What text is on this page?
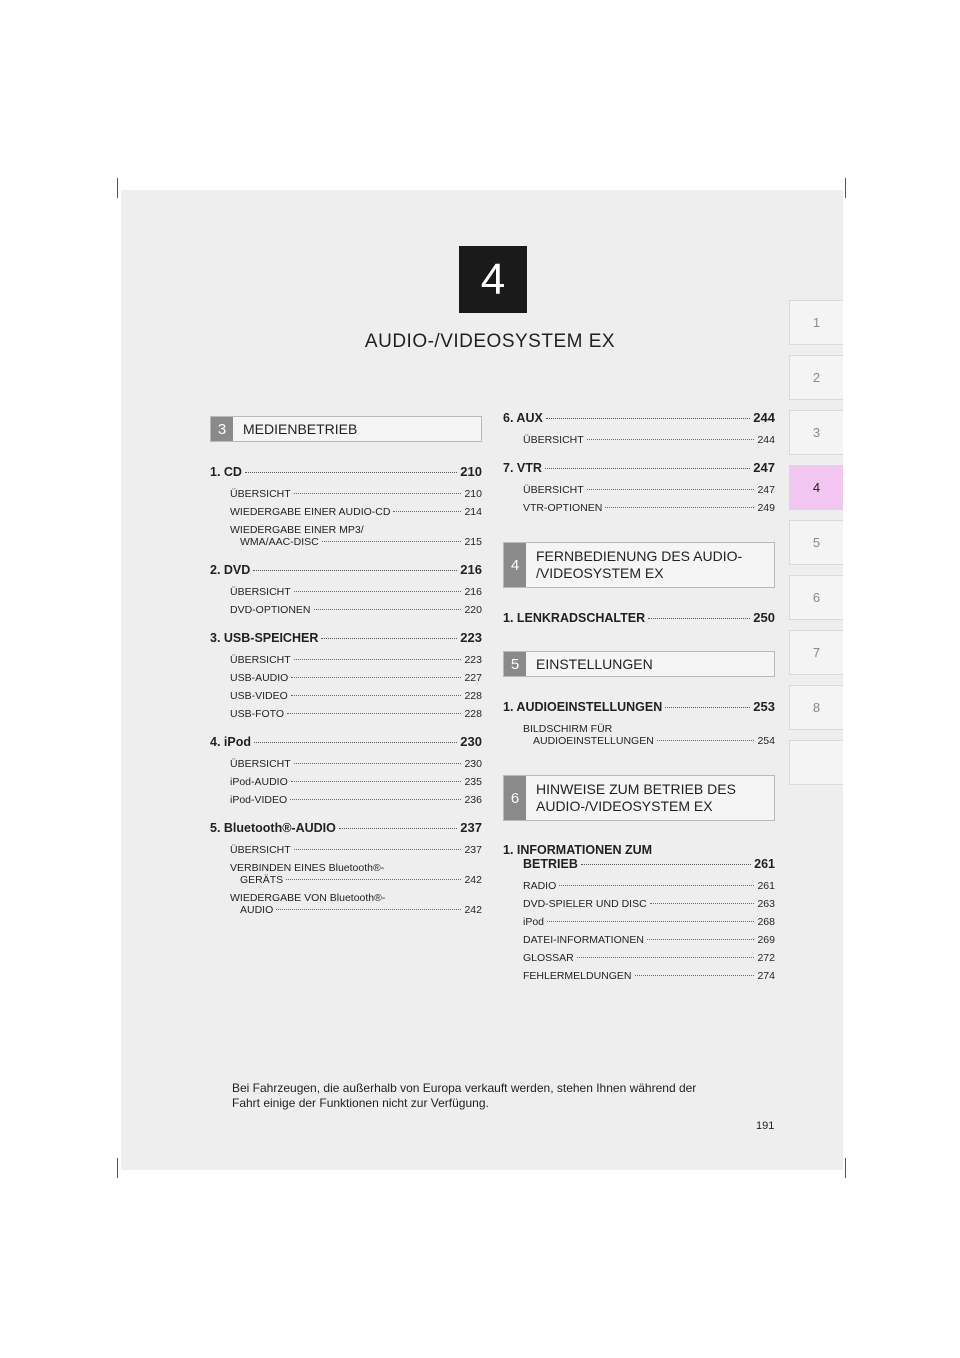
4
AUDIO-/VIDEOSYSTEM EX
1
2
3
4
5
6
7
8
3	MEDIENBETRIEB
1. CD	210
ÜBERSICHT	210
WIEDERGABE EINER AUDIO-CD	214
WIEDERGABE EINER MP3/
WMA/AAC-DISC	215
2. DVD	216
ÜBERSICHT	216
DVD-OPTIONEN	220
3. USB-SPEICHER	223
ÜBERSICHT	223
USB-AUDIO	227
USB-VIDEO	228
USB-FOTO	228
4. iPod	230
ÜBERSICHT	230
iPod-AUDIO	235
iPod-VIDEO	236
5. Bluetooth®-AUDIO	237
ÜBERSICHT	237
VERBINDEN EINES Bluetooth®-
GERÄTS	242
WIEDERGABE VON Bluetooth®-
AUDIO	242
6. AUX	244
ÜBERSICHT	244
7. VTR	247
ÜBERSICHT	247
VTR-OPTIONEN	249
4
FERNBEDIENUNG DES AUDIO-
/VIDEOSYSTEM EX
1. LENKRADSCHALTER	250
5	EINSTELLUNGEN
1. AUDIOEINSTELLUNGEN	253
BILDSCHIRM FÜR
AUDIOEINSTELLUNGEN	254
6
HINWEISE ZUM BETRIEB DES
AUDIO-/VIDEOSYSTEM EX
1. INFORMATIONEN ZUM
BETRIEB	261
RADIO	261
DVD-SPIELER UND DISC	263
iPod	268
DATEI-INFORMATIONEN	269
GLOSSAR	272
FEHLERMELDUNGEN	274
Bei Fahrzeugen, die außerhalb von Europa verkauft werden, stehen Ihnen während der
Fahrt einige der Funktionen nicht zur Verfügung.
191
